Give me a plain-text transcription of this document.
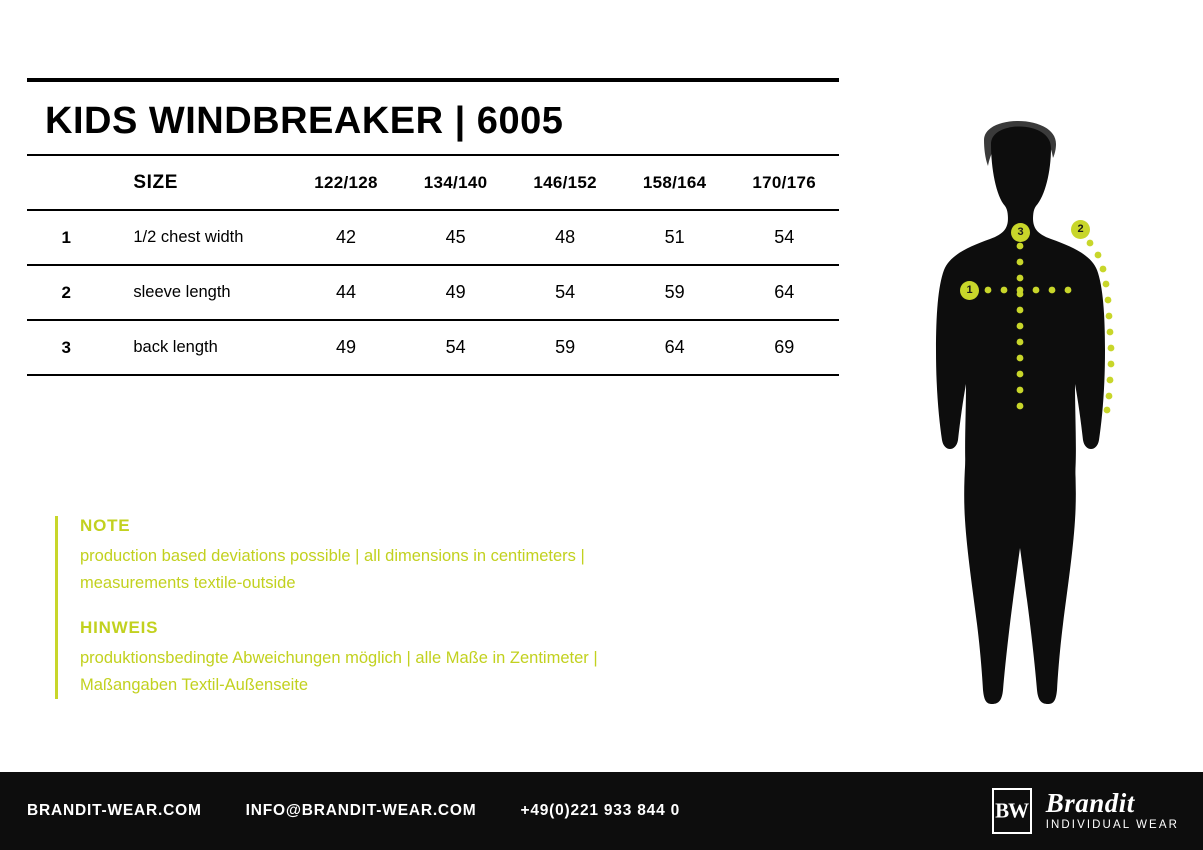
KIDS WINDBREAKER | 6005
	SIZE	122/128	134/140	146/152	158/164	170/176
1	1/2 chest width	42	45	48	51	54
2	sleeve length	44	49	54	59	64
3	back length	49	54	59	64	69
NOTE
production based deviations possible | all dimensions in centimeters |
measurements textile-outside
HINWEIS
produktionsbedingte Abweichungen möglich | alle Maße in Zentimeter |
Maßangaben Textil-Außenseite
3	2
1
BRANDIT-WEAR.COM	INFO@BRANDIT-WEAR.COM	+49(0)221 933 844 0	BW Brandit
INDIVIDUAL WEAR
